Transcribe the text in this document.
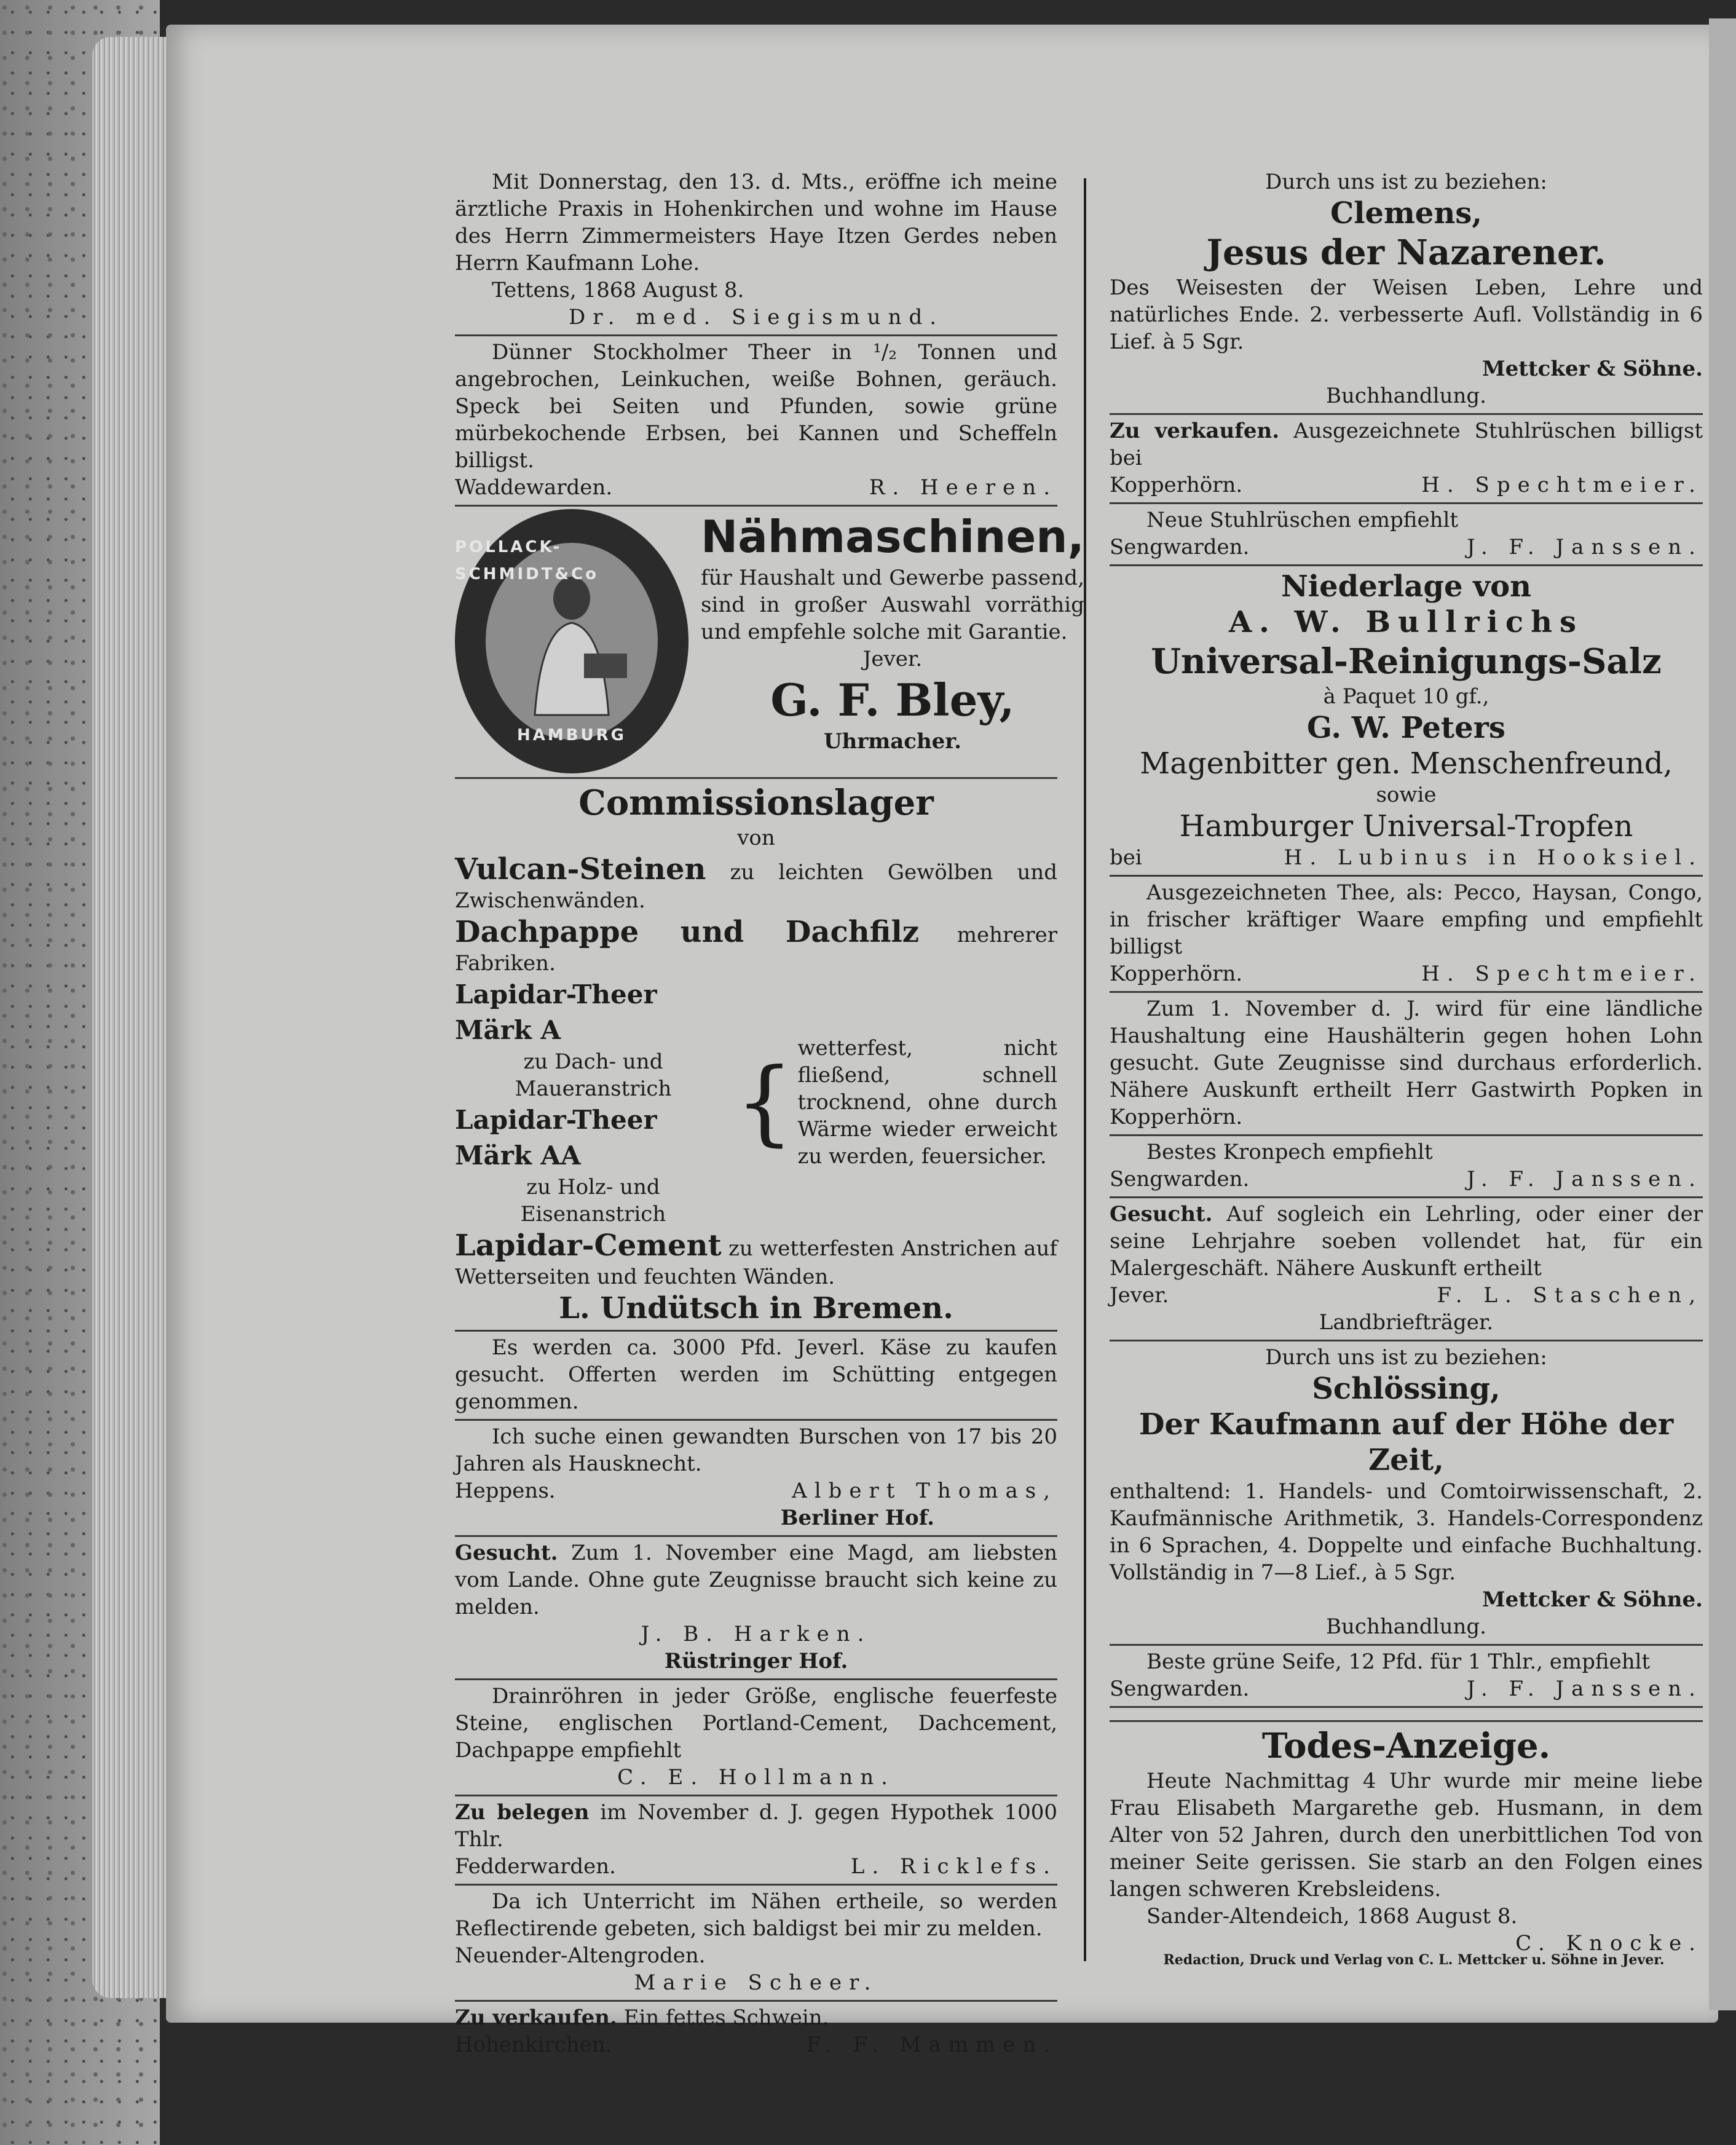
Mit Donnerstag, den 13. d. Mts., eröffne ich meine ärztliche Praxis in Hohenkirchen und wohne im Hause des Herrn Zimmermeisters Haye Itzen Gerdes neben Herrn Kaufmann Lohe.

Tettens, 1868 August 8.

Dr. med. Siegismund.

Dünner Stockholmer Theer in ¹/₂ Tonnen und angebrochen, Leinkuchen, weiße Bohnen, geräuch. Speck bei Seiten und Pfunden, sowie grüne mürbekochende Erbsen, bei Kannen und Scheffeln billigst.

Waddewarden.	R. Heeren.
POLLACK-SCHMIDT&Co
HAMBURG
Nähmaschinen,

für Haushalt und Gewerbe passend, sind in großer Auswahl vorräthig und empfehle solche mit Garantie.

Jever.

G. F. Bley,

Uhrmacher.

Commissionslager

von

Vulcan-Steinen zu leichten Gewölben und Zwischenwänden.

Dachpappe und Dachfilz mehrerer Fabriken.

Lapidar-Theer Märk A
zu Dach- und Maueranstrich
Lapidar-Theer Märk AA
zu Holz- und Eisenanstrich
{

wetterfest, nicht fließend, schnell trocknend, ohne durch Wärme wieder erweicht zu werden, feuersicher.

Lapidar-Cement zu wetterfesten Anstrichen auf Wetterseiten und feuchten Wänden.

L. Undütsch in Bremen.

Es werden ca. 3000 Pfd. Jeverl. Käse zu kaufen gesucht. Offerten werden im Schütting entgegen genommen.

Ich suche einen gewandten Burschen von 17 bis 20 Jahren als Hausknecht.

Heppens.	Albert Thomas,

Berliner Hof.

Gesucht. Zum 1. November eine Magd, am liebsten vom Lande. Ohne gute Zeugnisse braucht sich keine zu melden.

J. B. Harken.

Rüstringer Hof.

Drainröhren in jeder Größe, englische feuerfeste Steine, englischen Portland-Cement, Dachcement, Dachpappe empfiehlt

C. E. Hollmann.

Zu belegen im November d. J. gegen Hypothek 1000 Thlr.

Fedderwarden.	L. Ricklefs.

Da ich Unterricht im Nähen ertheile, so werden Reflectirende gebeten, sich baldigst bei mir zu melden.

Neuender-Altengroden.

Marie Scheer.

Zu verkaufen. Ein fettes Schwein.

Hohenkirchen.	F. F. Mammen.

Durch uns ist zu beziehen:

Clemens,
Jesus der Nazarener.

Des Weisesten der Weisen Leben, Lehre und natürliches Ende. 2. verbesserte Aufl. Vollständig in 6 Lief. à 5 Sgr.

Mettcker & Söhne.

Buchhandlung.

Zu verkaufen. Ausgezeichnete Stuhlrüschen billigst bei

Kopperhörn.	H. Spechtmeier.

Neue Stuhlrüschen empfiehlt

Sengwarden.	J. F. Janssen.
Niederlage von
A. W. Bullrichs
Universal-Reinigungs-Salz

à Paquet 10 gf.,

G. W. Peters
Magenbitter gen. Menschenfreund,

sowie

Hamburger Universal-Tropfen
bei	H. Lubinus in Hooksiel.

Ausgezeichneten Thee, als: Pecco, Haysan, Congo, in frischer kräftiger Waare empfing und empfiehlt billigst

Kopperhörn.	H. Spechtmeier.

Zum 1. November d. J. wird für eine ländliche Haushaltung eine Haushälterin gegen hohen Lohn gesucht. Gute Zeugnisse sind durchaus erforderlich. Nähere Auskunft ertheilt Herr Gastwirth Popken in Kopperhörn.

Bestes Kronpech empfiehlt

Sengwarden.	J. F. Janssen.

Gesucht. Auf sogleich ein Lehrling, oder einer der seine Lehrjahre soeben vollendet hat, für ein Malergeschäft. Nähere Auskunft ertheilt

Jever.	F. L. Staschen,

Landbriefträger.

Durch uns ist zu beziehen:

Schlössing,
Der Kaufmann auf der Höhe der Zeit,

enthaltend: 1. Handels- und Comtoirwissenschaft, 2. Kaufmännische Arithmetik, 3. Handels-Correspondenz in 6 Sprachen, 4. Doppelte und einfache Buchhaltung. Vollständig in 7—8 Lief., à 5 Sgr.

Mettcker & Söhne.

Buchhandlung.

Beste grüne Seife, 12 Pfd. für 1 Thlr., empfiehlt

Sengwarden.	J. F. Janssen.
Todes-Anzeige.

Heute Nachmittag 4 Uhr wurde mir meine liebe Frau Elisabeth Margarethe geb. Husmann, in dem Alter von 52 Jahren, durch den unerbittlichen Tod von meiner Seite gerissen. Sie starb an den Folgen eines langen schweren Krebsleidens.

Sander-Altendeich, 1868 August 8.

C. Knocke.

Redaction, Druck und Verlag von C. L. Mettcker u. Söhne in Jever.
